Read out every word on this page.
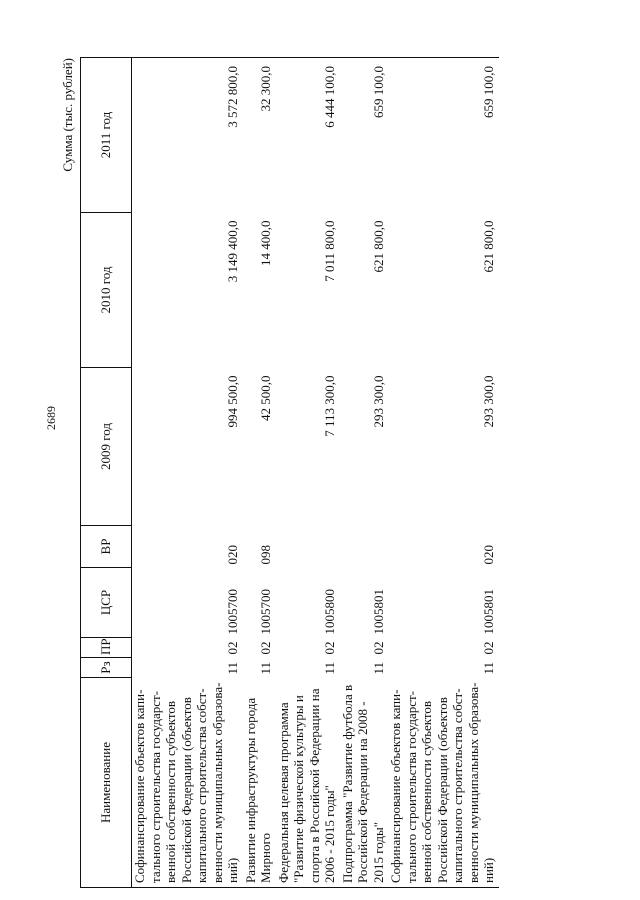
2689
Сумма (тыс. рублей)
Наименование	Рз	ПР	ЦСР	ВР	2009 год	2010 год	2011 год
Софинансирование объектов капи-тального строительства государст-венной собственности субъектов Российской Федерации (объектов капитального строительства собст-венности муниципальных образова-ний)	11	02	1005700	020	994 500,0	3 149 400,0	3 572 800,0
Развитие инфраструктуры города Мирного	11	02	1005700	098	42 500,0	14 400,0	32 300,0
Федеральная целевая программа "Развитие физической культуры и спорта в Российской Федерации на 2006 - 2015 годы"	11	02	1005800		7 113 300,0	7 011 800,0	6 444 100,0
Подпрограмма "Развитие футбола в Российской Федерации на 2008 - 2015 годы"	11	02	1005801		293 300,0	621 800,0	659 100,0
Софинансирование объектов капи-тального строительства государст-венной собственности субъектов Российской Федерации (объектов капитального строительства собст-венности муниципальных образова-ний)	11	02	1005801	020	293 300,0	621 800,0	659 100,0
